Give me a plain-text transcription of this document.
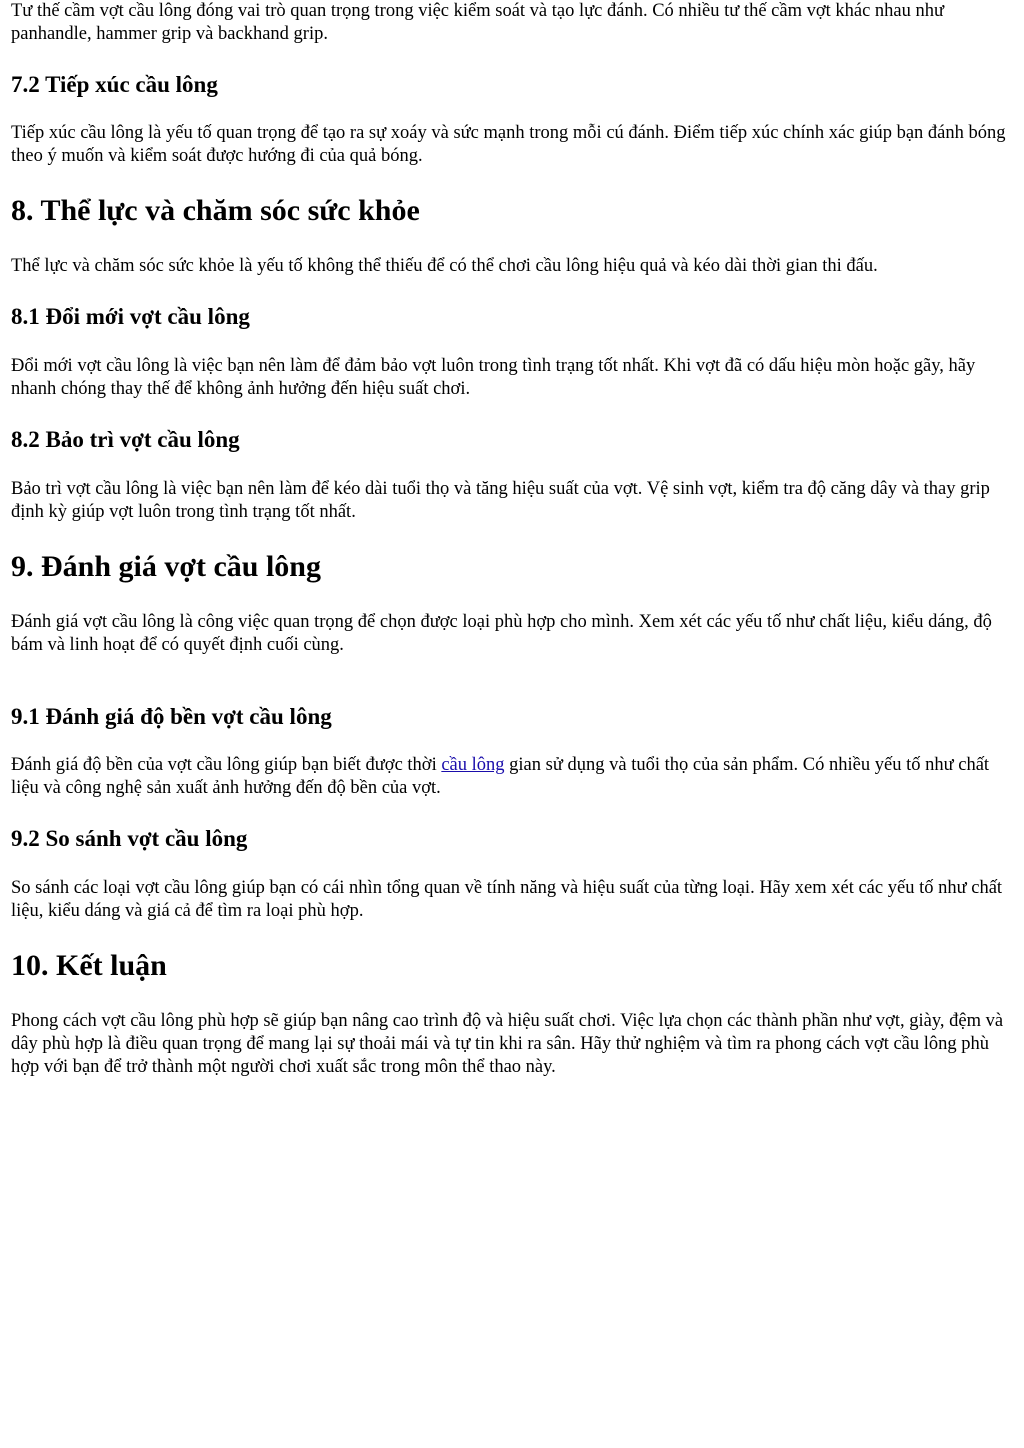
Tư thế cầm vợt cầu lông đóng vai trò quan trọng trong việc kiểm soát và tạo lực đánh. Có nhiều tư thế cầm vợt khác nhau như panhandle, hammer grip và backhand grip.

7.2 Tiếp xúc cầu lông

Tiếp xúc cầu lông là yếu tố quan trọng để tạo ra sự xoáy và sức mạnh trong mỗi cú đánh. Điểm tiếp xúc chính xác giúp bạn đánh bóng theo ý muốn và kiểm soát được hướng đi của quả bóng.

8. Thể lực và chăm sóc sức khỏe

Thể lực và chăm sóc sức khỏe là yếu tố không thể thiếu để có thể chơi cầu lông hiệu quả và kéo dài thời gian thi đấu.

8.1 Đổi mới vợt cầu lông

Đổi mới vợt cầu lông là việc bạn nên làm để đảm bảo vợt luôn trong tình trạng tốt nhất. Khi vợt đã có dấu hiệu mòn hoặc gãy, hãy nhanh chóng thay thế để không ảnh hưởng đến hiệu suất chơi.

8.2 Bảo trì vợt cầu lông

Bảo trì vợt cầu lông là việc bạn nên làm để kéo dài tuổi thọ và tăng hiệu suất của vợt. Vệ sinh vợt, kiểm tra độ căng dây và thay grip định kỳ giúp vợt luôn trong tình trạng tốt nhất.

9. Đánh giá vợt cầu lông

Đánh giá vợt cầu lông là công việc quan trọng để chọn được loại phù hợp cho mình. Xem xét các yếu tố như chất liệu, kiểu dáng, độ bám và linh hoạt để có quyết định cuối cùng.

9.1 Đánh giá độ bền vợt cầu lông

Đánh giá độ bền của vợt cầu lông giúp bạn biết được thời cầu lông gian sử dụng và tuổi thọ của sản phẩm. Có nhiều yếu tố như chất liệu và công nghệ sản xuất ảnh hưởng đến độ bền của vợt.

9.2 So sánh vợt cầu lông

So sánh các loại vợt cầu lông giúp bạn có cái nhìn tổng quan về tính năng và hiệu suất của từng loại. Hãy xem xét các yếu tố như chất liệu, kiểu dáng và giá cả để tìm ra loại phù hợp.

10. Kết luận

Phong cách vợt cầu lông phù hợp sẽ giúp bạn nâng cao trình độ và hiệu suất chơi. Việc lựa chọn các thành phần như vợt, giày, đệm và dây phù hợp là điều quan trọng để mang lại sự thoải mái và tự tin khi ra sân. Hãy thử nghiệm và tìm ra phong cách vợt cầu lông phù hợp với bạn để trở thành một người chơi xuất sắc trong môn thể thao này.
